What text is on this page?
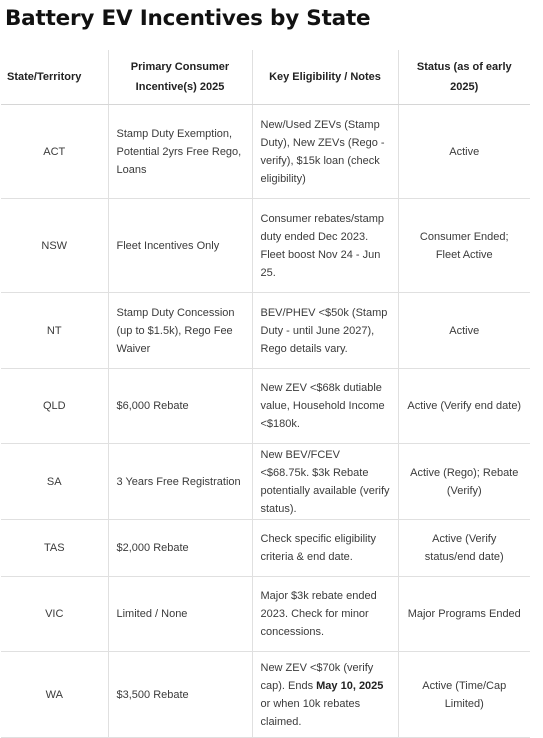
Battery EV Incentives by State
State/Territory	Primary Consumer Incentive(s) 2025	Key Eligibility / Notes	Status (as of early 2025)
ACT	Stamp Duty Exemption, Potential 2yrs Free Rego, Loans	New/Used ZEVs (Stamp Duty), New ZEVs (Rego - verify), $15k loan (check eligibility)	Active
NSW	Fleet Incentives Only	Consumer rebates/stamp duty ended Dec 2023. Fleet boost Nov 24 - Jun 25.	Consumer Ended; Fleet Active
NT	Stamp Duty Concession (up to $1.5k), Rego Fee Waiver	BEV/PHEV <$50k (Stamp Duty - until June 2027), Rego details vary.	Active
QLD	$6,000 Rebate	New ZEV <$68k dutiable value, Household Income <$180k.	Active (Verify end date)
SA	3 Years Free Registration	New BEV/FCEV <$68.75k. $3k Rebate potentially available (verify status).	Active (Rego); Rebate (Verify)
TAS	$2,000 Rebate	Check specific eligibility criteria & end date.	Active (Verify status/end date)
VIC	Limited / None	Major $3k rebate ended 2023. Check for minor concessions.	Major Programs Ended
WA	$3,500 Rebate	New ZEV <$70k (verify cap). Ends May 10, 2025 or when 10k rebates claimed.	Active (Time/Cap Limited)
